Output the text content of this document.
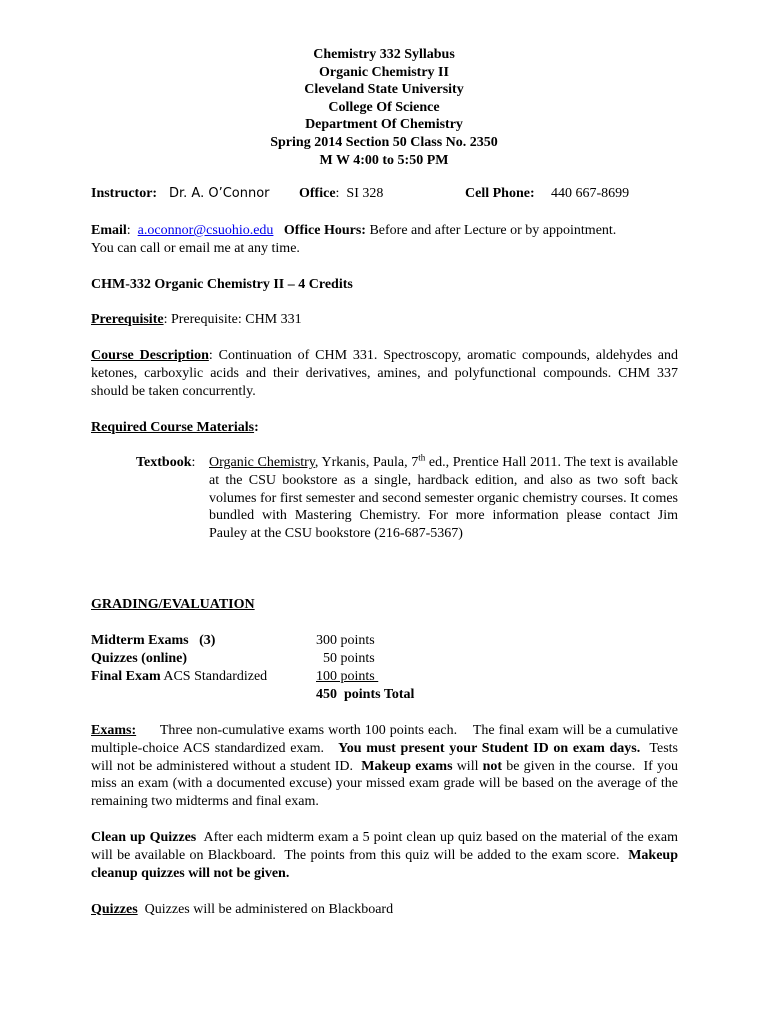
Chemistry 332 Syllabus
Organic Chemistry II
Cleveland State University
College Of Science
Department Of Chemistry
Spring 2014 Section 50 Class No. 2350
M W 4:00 to 5:50 PM
Instructor: Dr. A. O’Connor Office:  SI 328	Cell Phone: 440 667-8699
Email:  a.oconnor@csuohio.edu Office Hours: Before and after Lecture or by appointment.
You can call or email me at any time.
CHM-332 Organic Chemistry II – 4 Credits
Prerequisite: Prerequisite: CHM 331
Course Description: Continuation of CHM 331. Spectroscopy, aromatic compounds, aldehydes and ketones, carboxylic acids and their derivatives, amines, and polyfunctional compounds. CHM 337 should be taken concurrently.
Required Course Materials:
Textbook: Organic Chemistry, Yrkanis, Paula, 7th ed., Prentice Hall 2011. The text is available at the CSU bookstore as a single, hardback edition, and also as two soft back volumes for first semester and second semester organic chemistry courses. It comes bundled with Mastering Chemistry. For more information please contact Jim Pauley at the CSU bookstore (216-687-5367)
GRADING/EVALUATION
Midterm Exams   (3)	300 points
Quizzes (online)	50 points
Final Exam ACS Standardized	100 points
450  points Total
Exams:      Three non-cumulative exams worth 100 points each.    The final exam will be a cumulative multiple-choice ACS standardized exam.   You must present your Student ID on exam days.  Tests will not be administered without a student ID.  Makeup exams will not be given in the course.  If you miss an exam (with a documented excuse) your missed exam grade will be based on the average of the remaining two midterms and final exam.
Clean up Quizzes  After each midterm exam a 5 point clean up quiz based on the material of the exam will be available on Blackboard.  The points from this quiz will be added to the exam score.  Makeup cleanup quizzes will not be given.
Quizzes  Quizzes will be administered on Blackboard
